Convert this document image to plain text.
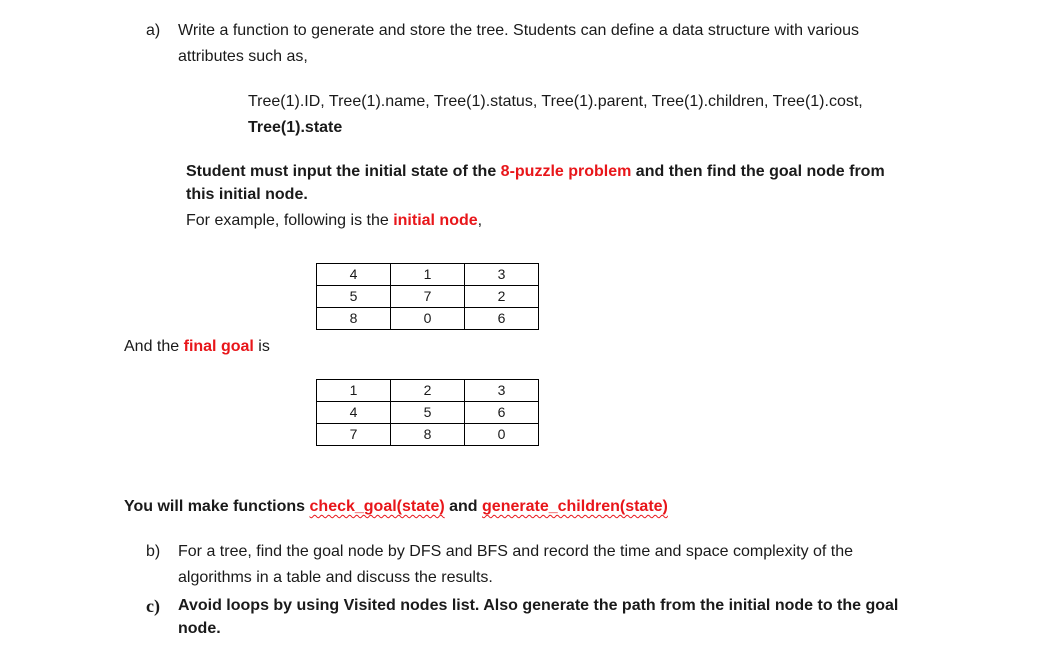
a) Write a function to generate and store the tree. Students can define a data structure with various
attributes such as,
Tree(1).ID, Tree(1).name, Tree(1).status, Tree(1).parent, Tree(1).children, Tree(1).cost,
Tree(1).state
Student must input the initial state of the 8-puzzle problem and then find the goal node from
this initial node.
For example, following is the initial node,
4	1	3
5	7	2
8	0	6
And the final goal is
1	2	3
4	5	6
7	8	0
You will make functions check_goal(state) and generate_children(state)
b) For a tree, find the goal node by DFS and BFS and record the time and space complexity of the
algorithms in a table and discuss the results.
c) Avoid loops by using Visited nodes list. Also generate the path from the initial node to the goal
node.
